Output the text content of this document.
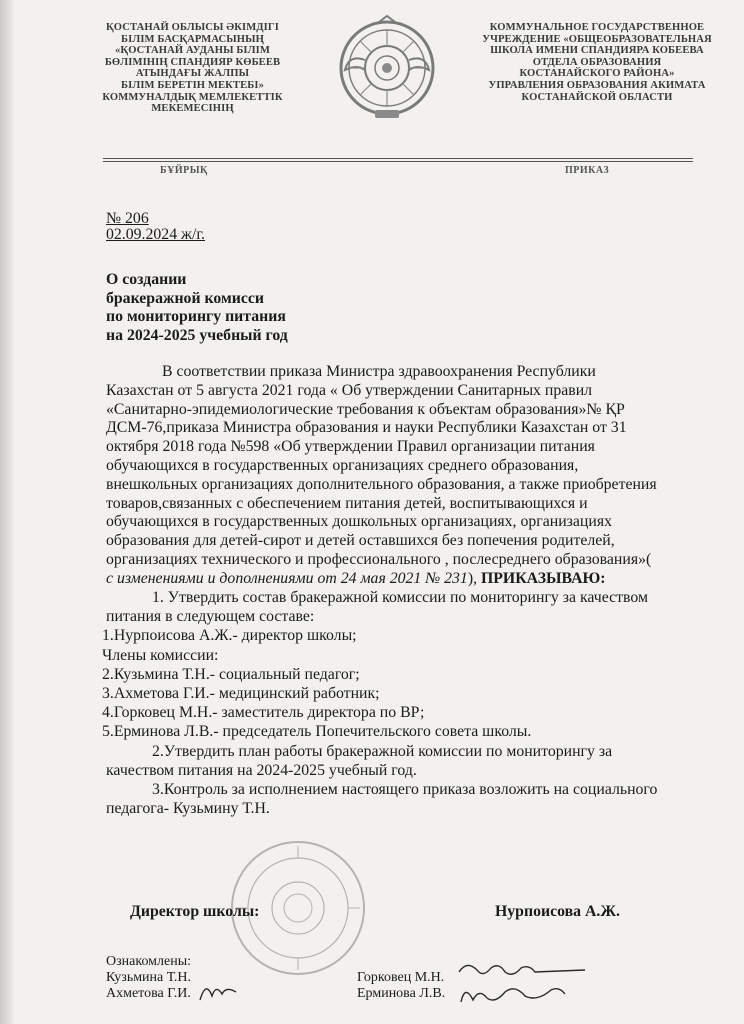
ҚОСТАНАЙ ОБЛЫСЫ ӘКІМДІГІ
БІЛІМ БАСҚАРМАСЫНЫҢ
«ҚОСТАНАЙ АУДАНЫ БІЛІМ
БӨЛІМІНІҢ СПАНДИЯР КӨБЕЕВ
АТЫНДАҒЫ ЖАЛПЫ
БІЛІМ БЕРЕТІН МЕКТЕБІ»
КОММУНАЛДЫҚ МЕМЛЕКЕТТІК
МЕКЕМЕСІНІҢ
КОММУНАЛЬНОЕ ГОСУДАРСТВЕННОЕ
УЧРЕЖДЕНИЕ «ОБЩЕОБРАЗОВАТЕЛЬНАЯ
ШКОЛА ИМЕНИ СПАНДИЯРА КОБЕЕВА
ОТДЕЛА ОБРАЗОВАНИЯ
КОСТАНАЙСКОГО РАЙОНА»
УПРАВЛЕНИЯ ОБРАЗОВАНИЯ АКИМАТА
КОСТАНАЙСКОЙ ОБЛАСТИ
БҰЙРЫҚ	ПРИКАЗ
№ 206
02.09.2024 ж/г.
О создании
бракеражной комисси
по мониторингу питания
на 2024-2025 учебный год
В соответствии приказа Министра здравоохранения Республики
Казахстан от 5 августа 2021 года « Об утверждении Санитарных правил
«Санитарно-эпидемиологические требования к объектам образования»№ ҚР
ДСМ-76,приказа Министра образования и науки Республики Казахстан от 31
октября 2018 года №598 «Об утверждении Правил организации питания
обучающихся в государственных организациях среднего образования,
внешкольных организациях дополнительного образования, а также приобретения
товаров,связанных с обеспечением питания детей, воспитывающихся и
обучающихся в государственных дошкольных организациях, организациях
образования для детей-сирот и детей оставшихся без попечения родителей,
организациях технического и профессионального , послесреднего образования»(
с изменениями и дополнениями от 24 мая 2021 № 231), ПРИКАЗЫВАЮ:
1. Утвердить состав бракеражной комиссии по мониторингу за качеством
питания в следующем составе:
1.Нурпоисова А.Ж.- директор школы;
Члены комиссии:
2.Кузьмина Т.Н.- социальный педагог;
3.Ахметова Г.И.- медицинский работник;
4.Горковец М.Н.- заместитель директора по ВР;
5.Ерминова Л.В.- председатель Попечительского совета школы.
2.Утвердить план работы бракеражной комиссии по мониторингу за
качеством питания на 2024-2025 учебный год.
3.Контроль за исполнением настоящего приказа возложить на социального
педагога- Кузьмину Т.Н.
Директор школы:	Нурпоисова А.Ж.
Ознакомлены:
Кузьмина Т.Н.
Ахметова Г.И.
Горковец М.Н.
Ерминова Л.В.
